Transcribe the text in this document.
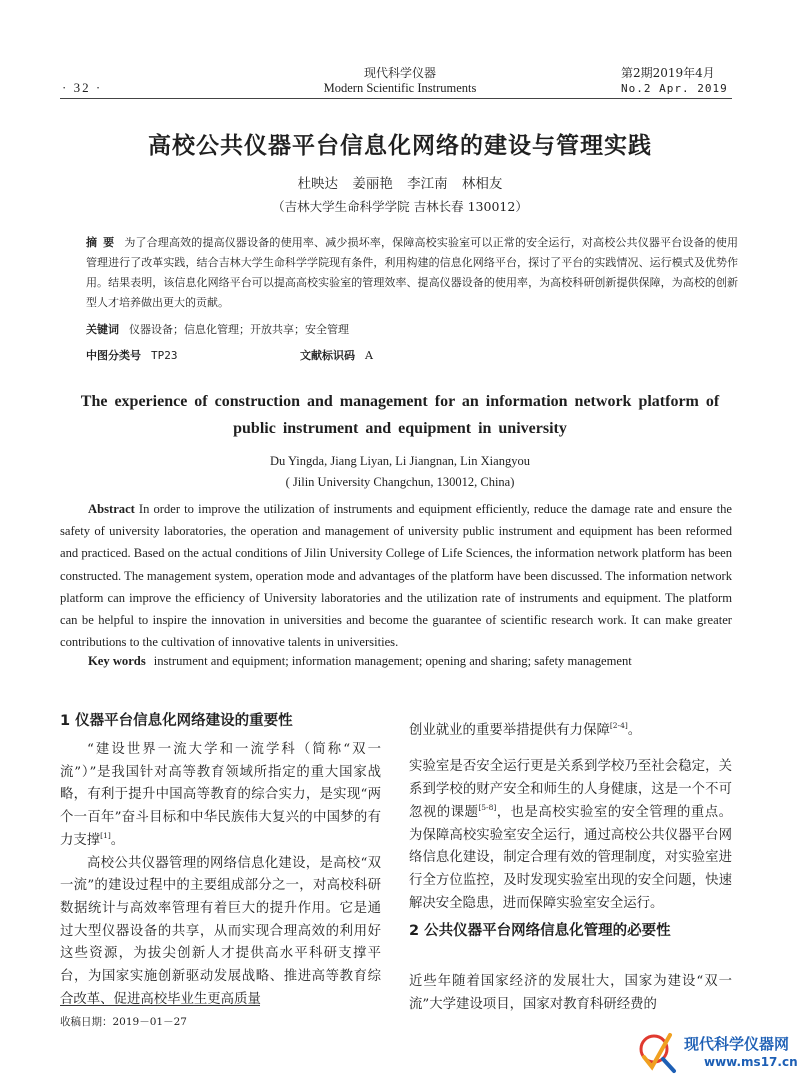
现代科学仪器
Modern Scientific Instruments
· 32 ·
第2期2019年4月
No.2 Apr. 2019
高校公共仪器平台信息化网络的建设与管理实践
杜映达 姜丽艳 李江南 林相友
（吉林大学生命科学学院 吉林长春 130012）
摘要 为了合理高效的提高仪器设备的使用率、减少损坏率，保障高校实验室可以正常的安全运行，对高校公共仪器平台设备的使用管理进行了改革实践，结合吉林大学生命科学学院现有条件，利用构建的信息化网络平台，探讨了平台的实践情况、运行模式及优势作用。结果表明，该信息化网络平台可以提高高校实验室的管理效率、提高仪器设备的使用率，为高校科研创新提供保障，为高校的创新型人才培养做出更大的贡献。
关键词 仪器设备；信息化管理；开放共享；安全管理
中图分类号 TP23	文献标识码 A
The experience of construction and management for an information network platform of
public instrument and equipment in university
Du Yingda, Jiang Liyan, Li Jiangnan, Lin Xiangyou
( Jilin University Changchun, 130012, China)
Abstract In order to improve the utilization of instruments and equipment efficiently, reduce the damage rate and ensure the safety of university laboratories, the operation and management of university public instrument and equipment has been reformed and practiced. Based on the actual conditions of Jilin University College of Life Sciences, the information network platform has been constructed. The management system, operation mode and advantages of the platform have been discussed. The information network platform can improve the efficiency of University laboratories and the utilization rate of instruments and equipment. The platform can be helpful to inspire the innovation in universities and become the guarantee of scientific research work. It can make greater contributions to the cultivation of innovative talents in universities.
Key words instrument and equipment; information management; opening and sharing; safety management
1 仪器平台信息化网络建设的重要性

“建设世界一流大学和一流学科（简称“双一流”）”是我国针对高等教育领域所指定的重大国家战略，有利于提升中国高等教育的综合实力，是实现“两个一百年”奋斗目标和中华民族伟大复兴的中国梦的有力支撑[1]。

高校公共仪器管理的网络信息化建设，是高校“双一流”的建设过程中的主要组成部分之一，对高校科研数据统计与高效率管理有着巨大的提升作用。它是通过大型仪器设备的共享，从而实现合理高效的利用好这些资源，为拔尖创新人才提供高水平科研支撑平台，为国家实施创新驱动发展战略、推进高等教育综合改革、促进高校毕业生更高质量

创业就业的重要举措提供有力保障[2-4]。

实验室是否安全运行更是关系到学校乃至社会稳定，关系到学校的财产安全和师生的人身健康，这是一个不可忽视的课题[5-8]，也是高校实验室的安全管理的重点。为保障高校实验室安全运行，通过高校公共仪器平台网络信息化建设，制定合理有效的管理制度，对实验室进行全方位监控，及时发现实验室出现的安全问题，快速解决安全隐患，进而保障实验室安全运行。

2 公共仪器平台网络信息化管理的必要性

近些年随着国家经济的发展壮大，国家为建设“双一流”大学建设项目，国家对教育科研经费的

收稿日期：2019－01－27
现代科学仪器网
www.ms17.cn
